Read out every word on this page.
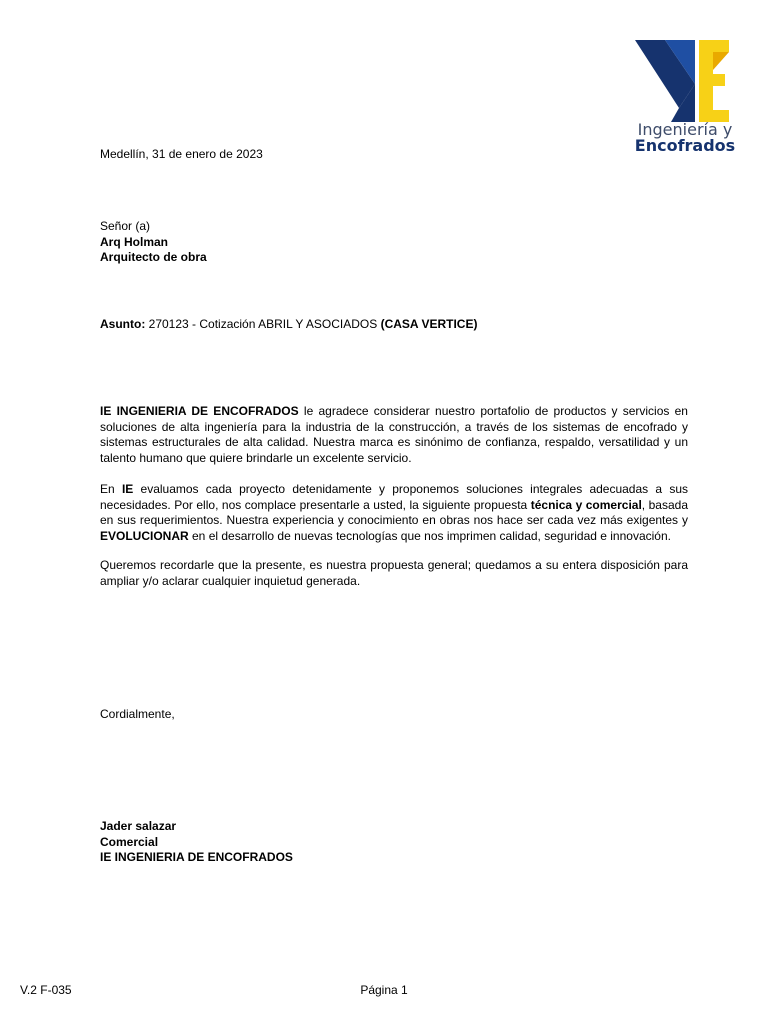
Ingeniería y
Encofrados
Medellín, 31 de enero de 2023
Señor (a)
Arq Holman
Arquitecto de obra
Asunto: 270123 - Cotización ABRIL Y ASOCIADOS (CASA VERTICE)
IE INGENIERIA DE ENCOFRADOS le agradece considerar nuestro portafolio de productos y servicios en soluciones de alta ingeniería para la industria de la construcción, a través de los sistemas de encofrado y sistemas estructurales de alta calidad. Nuestra marca es sinónimo de confianza, respaldo, versatilidad y un talento humano que quiere brindarle un excelente servicio.
En IE evaluamos cada proyecto detenidamente y proponemos soluciones integrales adecuadas a sus necesidades. Por ello, nos complace presentarle a usted, la siguiente propuesta técnica y comercial, basada en sus requerimientos. Nuestra experiencia y conocimiento en obras nos hace ser cada vez más exigentes y EVOLUCIONAR en el desarrollo de nuevas tecnologías que nos imprimen calidad, seguridad e innovación.
Queremos recordarle que la presente, es nuestra propuesta general; quedamos a su entera disposición para ampliar y/o aclarar cualquier inquietud generada.
Cordialmente,
Jader salazar
Comercial
IE INGENIERIA DE ENCOFRADOS
Página 1
V.2 F-035
